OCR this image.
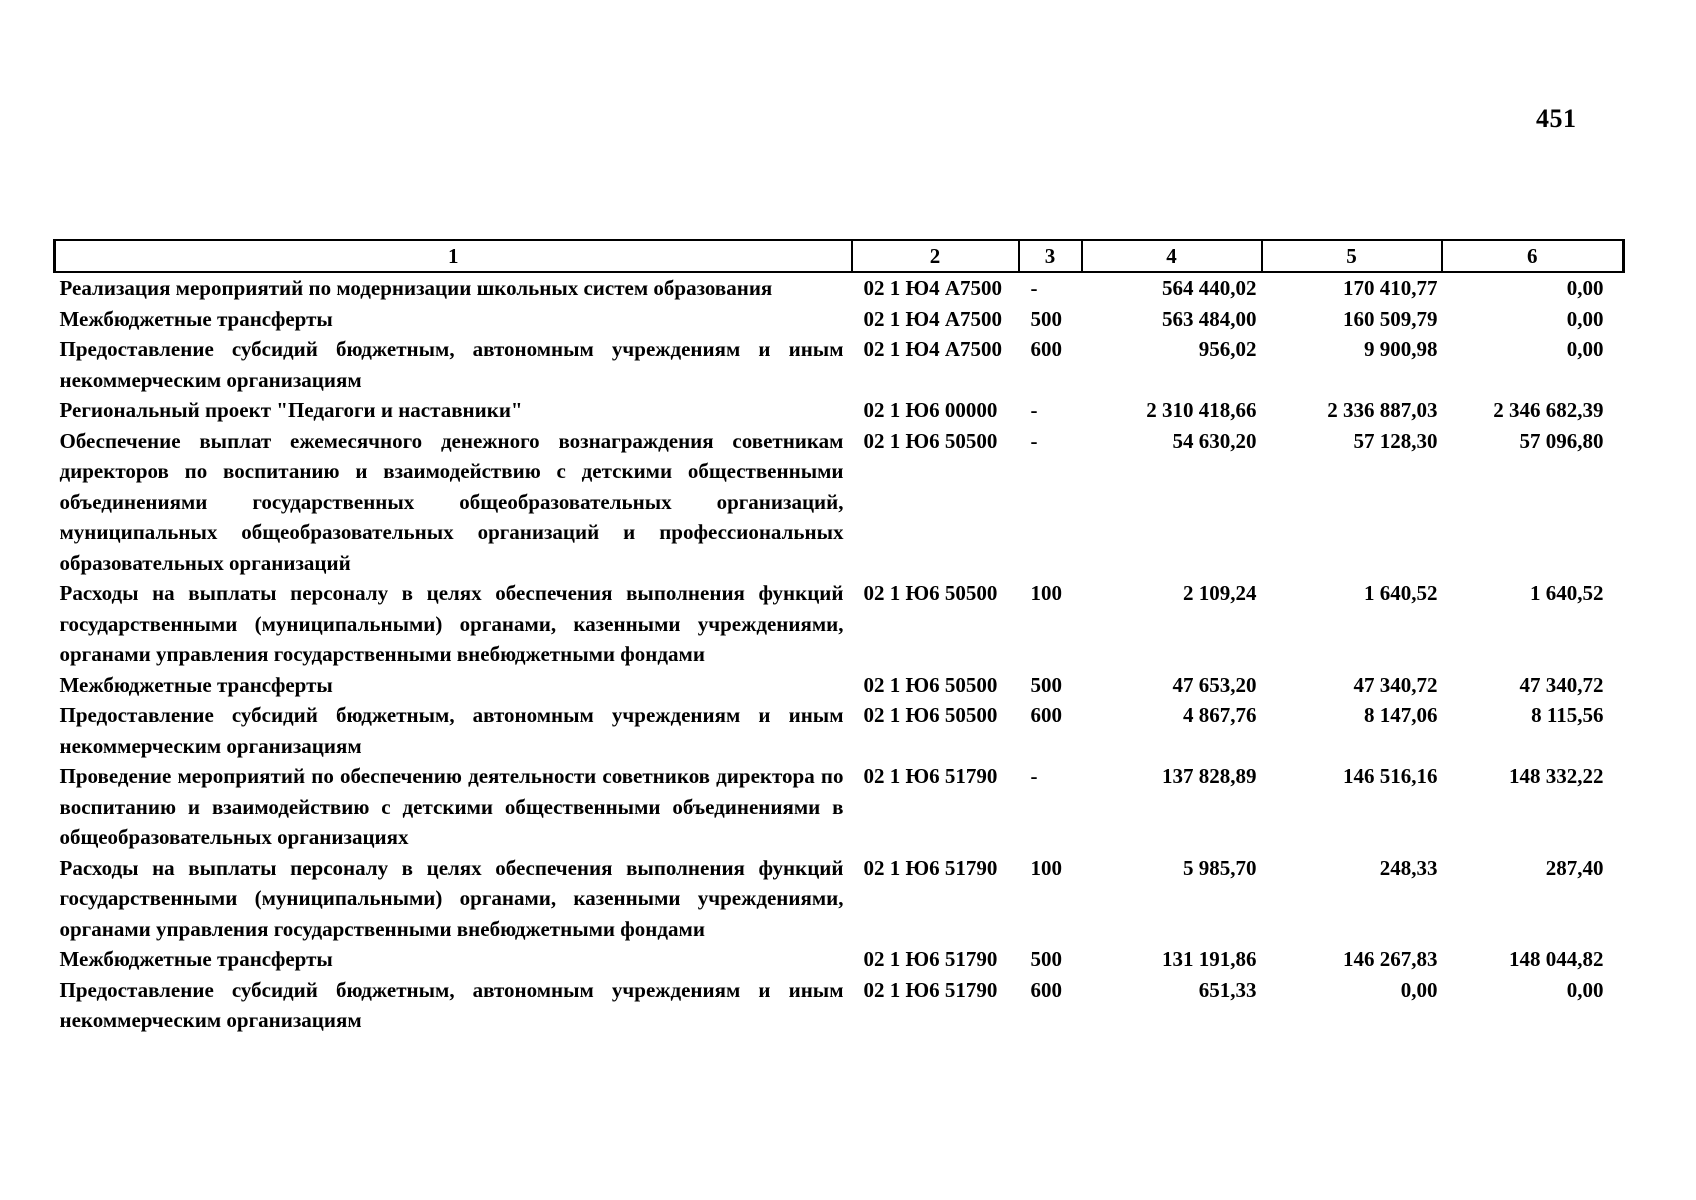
451
1	2	3	4	5	6
Реализация мероприятий по модернизации школьных систем образования	02 1 Ю4 А7500	-	564 440,02	170 410,77	0,00
Межбюджетные трансферты	02 1 Ю4 А7500	500	563 484,00	160 509,79	0,00
Предоставление субсидий бюджетным, автономным учреждениям и иным некоммерческим организациям	02 1 Ю4 А7500	600	956,02	9 900,98	0,00
Региональный проект "Педагоги и наставники"	02 1 Ю6 00000	-	2 310 418,66	2 336 887,03	2 346 682,39
Обеспечение выплат ежемесячного денежного вознаграждения советникам директоров по воспитанию и взаимодействию с детскими общественными объединениями государственных общеобразовательных организаций, муниципальных общеобразовательных организаций и профессиональных образовательных организаций	02 1 Ю6 50500	-	54 630,20	57 128,30	57 096,80
Расходы на выплаты персоналу в целях обеспечения выполнения функций государственными (муниципальными) органами, казенными учреждениями, органами управления государственными внебюджетными фондами	02 1 Ю6 50500	100	2 109,24	1 640,52	1 640,52
Межбюджетные трансферты	02 1 Ю6 50500	500	47 653,20	47 340,72	47 340,72
Предоставление субсидий бюджетным, автономным учреждениям и иным некоммерческим организациям	02 1 Ю6 50500	600	4 867,76	8 147,06	8 115,56
Проведение мероприятий по обеспечению деятельности советников директора по воспитанию и взаимодействию с детскими общественными объединениями в общеобразовательных организациях	02 1 Ю6 51790	-	137 828,89	146 516,16	148 332,22
Расходы на выплаты персоналу в целях обеспечения выполнения функций государственными (муниципальными) органами, казенными учреждениями, органами управления государственными внебюджетными фондами	02 1 Ю6 51790	100	5 985,70	248,33	287,40
Межбюджетные трансферты	02 1 Ю6 51790	500	131 191,86	146 267,83	148 044,82
Предоставление субсидий бюджетным, автономным учреждениям и иным некоммерческим организациям	02 1 Ю6 51790	600	651,33	0,00	0,00
